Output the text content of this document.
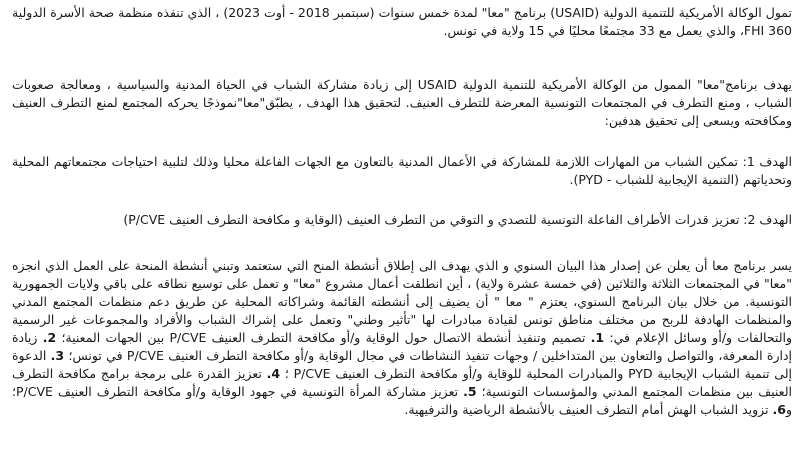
تمول الوكالة الأمريكية للتنمية الدولية (USAID) برنامج "معا" لمدة خمس سنوات (سبتمبر 2018 - أوت 2023) ، الذي تنفذه منظمة صحة الأسرة الدولية FHI 360، والذي يعمل مع 33 مجتمعًا محليًا في 15 ولاية في تونس.

يهدف برنامج"معا" الممول من الوكالة الأمريكية للتنمية الدولية USAID إلى زيادة مشاركة الشباب في الحياة المدنية والسياسية ، ومعالجة صعوبات الشباب ، ومنع التطرف في المجتمعات التونسية المعرضة للتطرف العنيف. لتحقيق هذا الهدف ، يطبّق"معا"نموذجًا يحركه المجتمع لمنع التطرف العنيف ومكافحته ويسعى إلى تحقيق هدفين:

الهدف 1: تمكين الشباب من المهارات اللازمة للمشاركة في الأعمال المدنية بالتعاون مع الجهات الفاعلة محليا وذلك لتلبية احتياجات مجتمعاتهم المحلية وتحدياتهم (التنمية الإيجابية للشباب - PYD).

الهدف 2: تعزيز قدرات الأطراف الفاعلة التونسية للتصدي و التوقي من التطرف العنيف (الوقاية و مكافحة التطرف العنيف P/CVE)

يسر برنامج معا أن يعلن عن إصدار هذا البيان السنوي و الذي يهدف الى إطلاق أنشطة المنح التي ستعتمد وتبني أنشطة المنحة على العمل الذي انجزه "معا" في المجتمعات الثلاثة والثلاثين (في خمسة عشرة ولاية) ، أين انطلقت أعمال مشروع "معا" و تعمل على توسيع نطاقه على باقي ولايات الجمهورية التونسية. من خلال بيان البرنامج السنوي، يعتزم " معا " أن يضيف إلى أنشطته القائمة وشراكاته المحلية عن طريق دعم منظمات المجتمع المدني والمنظمات الهادفة للربح من مختلف مناطق تونس لقيادة مبادرات لها "تأثير وطني" وتعمل على إشراك الشباب والأفراد والمجموعات غير الرسمية والتحالفات و/أو وسائل الإعلام في: 1. تصميم وتنفيذ أنشطة الاتصال حول الوقاية و/أو مكافحة التطرف العنيف P/CVE بين الجهات المعنية؛ 2. زيادة إدارة المعرفة، والتواصل والتعاون بين المتداخلين / وجهات تنفيذ النشاطات في مجال الوقاية و/أو مكافحة التطرف العنيف P/CVE في تونس؛ 3. الدعوة إلى تنمية الشباب الإيجابية PYD والمبادرات المحلية للوقاية و/أو مكافحة التطرف العنيف P/CVE ؛ 4. تعزيز القدرة على برمجة برامج مكافحة التطرف العنيف بين منظمات المجتمع المدني والمؤسسات التونسية؛ 5. تعزيز مشاركة المرأة التونسية في جهود الوقاية و/أو مكافحة التطرف العنيف P/CVE؛ و6. تزويد الشباب الهش أمام التطرف العنيف بالأنشطة الرياضية والترفيهية.
